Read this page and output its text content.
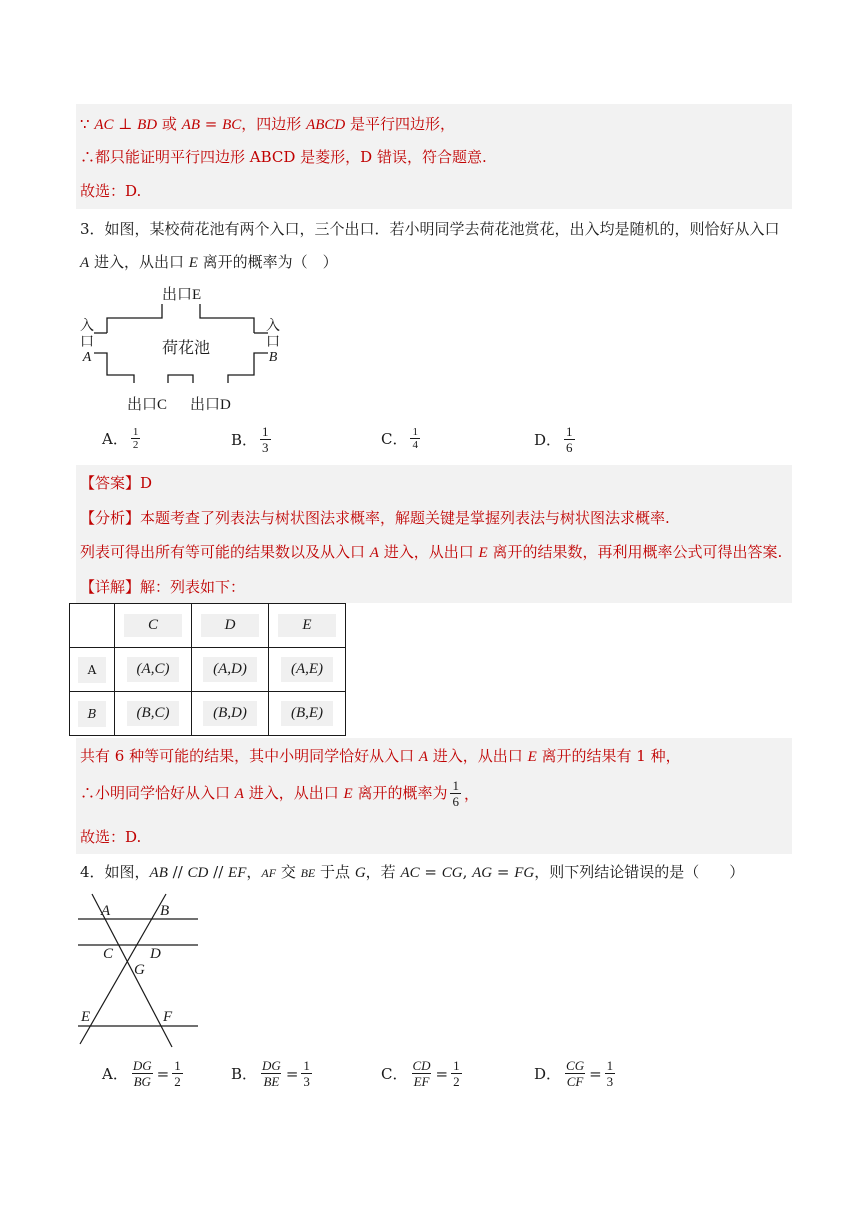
∵ AC ⊥ BD 或 AB = BC，四边形 ABCD 是平行四边形，
∴都只能证明平行四边形 ABCD 是菱形，D 错误，符合题意.
故选：D.
3．如图，某校荷花池有两个入口，三个出口．若小明同学去荷花池赏花，出入均是随机的，则恰好从入口
A 进入，从出口 E 离开的概率为（　）
出口E
荷花池
入
口
A
入
口
B
出口C 出口D
A． $\frac{1}{2}$	B． $\frac{1}{3}$	C． $\frac{1}{4}$	D． $\frac{1}{6}$
【答案】D
【分析】本题考查了列表法与树状图法求概率，解题关键是掌握列表法与树状图法求概率.
列表可得出所有等可能的结果数以及从入口 A 进入，从出口 E 离开的结果数，再利用概率公式可得出答案.
【详解】解：列表如下：
	C	D	E
A	(A,C)	(A,D)	(A,E)
B	(B,C)	(B,D)	(B,E)
共有 6 种等可能的结果，其中小明同学恰好从入口 A 进入，从出口 E 离开的结果有 1 种，
∴小明同学恰好从入口 A 进入，从出口 E 离开的概率为 $\frac{1}{6}$ ，
故选：D.
4．如图，AB // CD // EF，AF 交 BE 于点 G，若 AC = CG, AG = FG，则下列结论错误的是（　　）
A	B
C D
G
E	F
A． $\frac{DG}{BG} = \frac{1}{2}$	B． $\frac{DG}{BE} = \frac{1}{3}$	C． $\frac{CD}{EF} = \frac{1}{2}$	D． $\frac{CG}{CF} = \frac{1}{3}$
